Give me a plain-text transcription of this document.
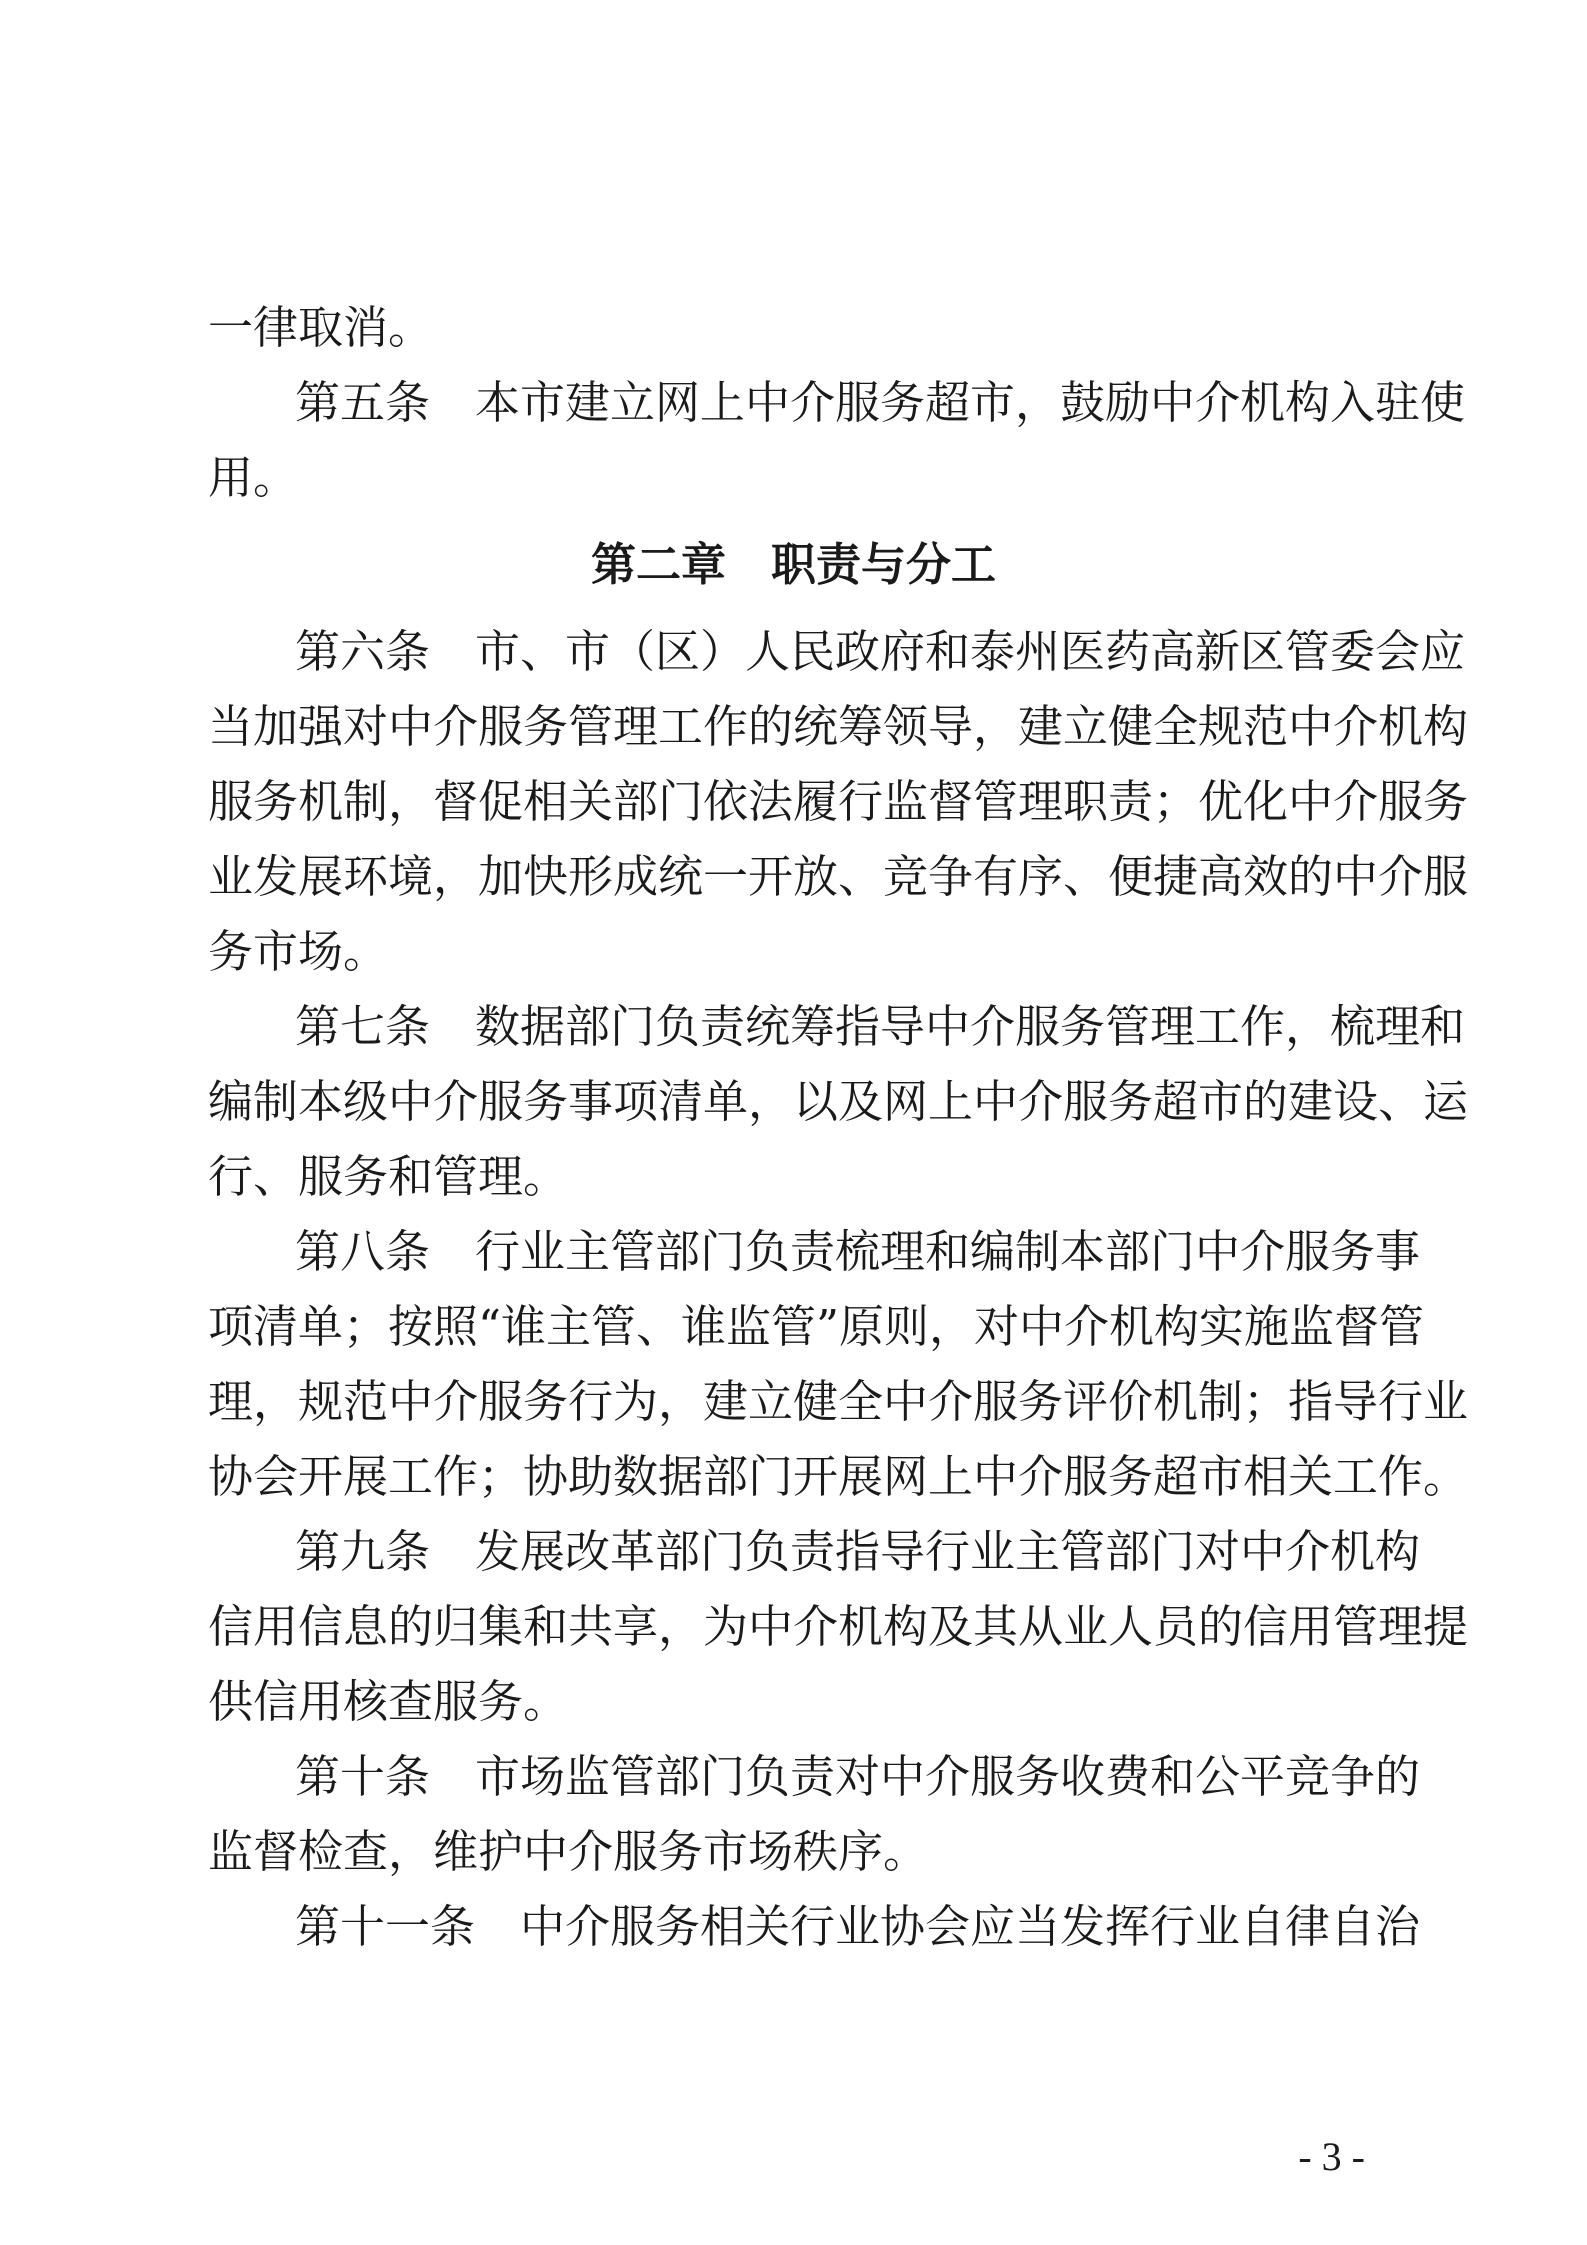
一律取消。
第五条　本市建立网上中介服务超市，鼓励中介机构入驻使
用。
第二章　职责与分工
第六条　市、市（区）人民政府和泰州医药高新区管委会应
当加强对中介服务管理工作的统筹领导，建立健全规范中介机构
服务机制，督促相关部门依法履行监督管理职责；优化中介服务
业发展环境，加快形成统一开放、竞争有序、便捷高效的中介服
务市场。
第七条　数据部门负责统筹指导中介服务管理工作，梳理和
编制本级中介服务事项清单，以及网上中介服务超市的建设、运
行、服务和管理。
第八条　行业主管部门负责梳理和编制本部门中介服务事
项清单；按照“谁主管、谁监管”原则，对中介机构实施监督管
理，规范中介服务行为，建立健全中介服务评价机制；指导行业
协会开展工作；协助数据部门开展网上中介服务超市相关工作。
第九条　发展改革部门负责指导行业主管部门对中介机构
信用信息的归集和共享，为中介机构及其从业人员的信用管理提
供信用核查服务。
第十条　市场监管部门负责对中介服务收费和公平竞争的
监督检查，维护中介服务市场秩序。
第十一条　中介服务相关行业协会应当发挥行业自律自治
- 3 -
